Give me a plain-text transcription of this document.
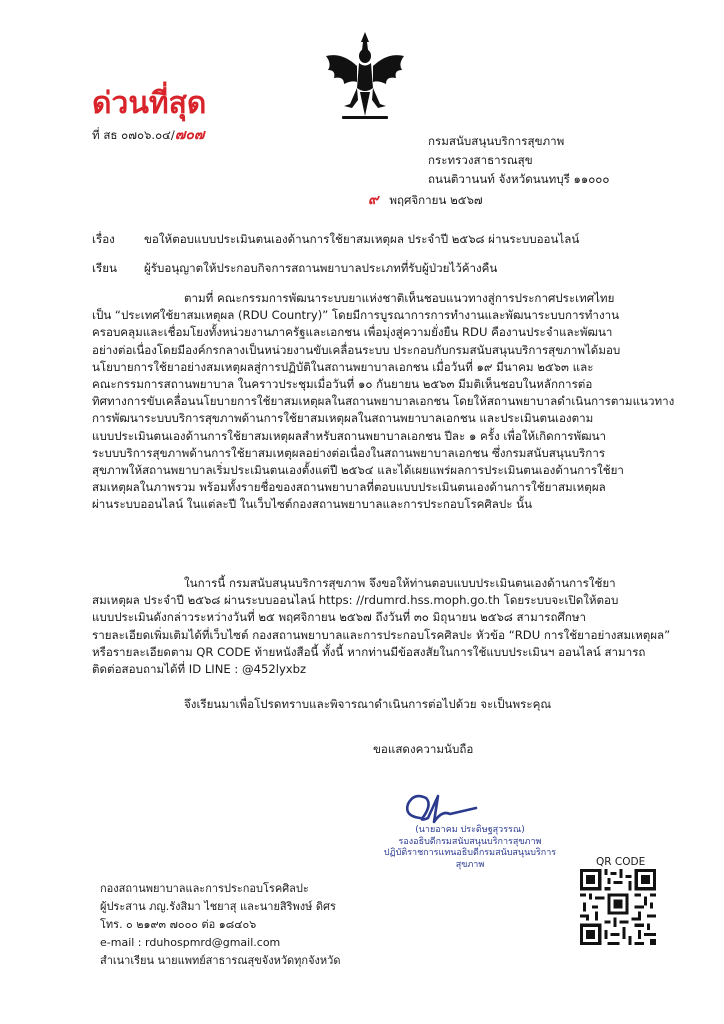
ด่วนที่สุด
ที่ สธ ๐๗๐๖.๐๔/๗๐๗	กรมสนับสนุนบริการสุขภาพ
กระทรวงสาธารณสุข
ถนนติวานนท์ จังหวัดนนทบุรี ๑๑๐๐๐
๙ พฤศจิกายน ๒๕๖๗
เรื่อง	ขอให้ตอบแบบประเมินตนเองด้านการใช้ยาสมเหตุผล ประจำปี ๒๕๖๘ ผ่านระบบออนไลน์
เรียน ผู้รับอนุญาตให้ประกอบกิจการสถานพยาบาลประเภทที่รับผู้ป่วยไว้ค้างคืน
ตามที่ คณะกรรมการพัฒนาระบบยาแห่งชาติเห็นชอบแนวทางสู่การประกาศประเทศไทย
เป็น “ประเทศใช้ยาสมเหตุผล (RDU Country)” โดยมีการบูรณาการการทำงานและพัฒนาระบบการทำงาน
ครอบคลุมและเชื่อมโยงทั้งหน่วยงานภาครัฐและเอกชน เพื่อมุ่งสู่ความยั่งยืน RDU คืองานประจำและพัฒนา
อย่างต่อเนื่องโดยมีองค์กรกลางเป็นหน่วยงานขับเคลื่อนระบบ ประกอบกับกรมสนับสนุนบริการสุขภาพได้มอบ
นโยบายการใช้ยาอย่างสมเหตุผลสู่การปฏิบัติในสถานพยาบาลเอกชน เมื่อวันที่ ๑๙ มีนาคม ๒๕๖๓ และ
คณะกรรมการสถานพยาบาล ในคราวประชุมเมื่อวันที่ ๑๐ กันยายน ๒๕๖๓ มีมติเห็นชอบในหลักการต่อ
ทิศทางการขับเคลื่อนนโยบายการใช้ยาสมเหตุผลในสถานพยาบาลเอกชน โดยให้สถานพยาบาลดำเนินการตามแนวทาง
การพัฒนาระบบบริการสุขภาพด้านการใช้ยาสมเหตุผลในสถานพยาบาลเอกชน และประเมินตนเองตาม
แบบประเมินตนเองด้านการใช้ยาสมเหตุผลสำหรับสถานพยาบาลเอกชน ปีละ ๑ ครั้ง เพื่อให้เกิดการพัฒนา
ระบบบริการสุขภาพด้านการใช้ยาสมเหตุผลอย่างต่อเนื่องในสถานพยาบาลเอกชน ซึ่งกรมสนับสนุนบริการ
สุขภาพให้สถานพยาบาลเริ่มประเมินตนเองตั้งแต่ปี ๒๕๖๔ และได้เผยแพร่ผลการประเมินตนเองด้านการใช้ยา
สมเหตุผลในภาพรวม พร้อมทั้งรายชื่อของสถานพยาบาลที่ตอบแบบประเมินตนเองด้านการใช้ยาสมเหตุผล
ผ่านระบบออนไลน์ ในแต่ละปี ในเว็บไซต์กองสถานพยาบาลและการประกอบโรคศิลปะ นั้น
ในการนี้ กรมสนับสนุนบริการสุขภาพ จึงขอให้ท่านตอบแบบประเมินตนเองด้านการใช้ยา
สมเหตุผล ประจำปี ๒๕๖๘ ผ่านระบบออนไลน์ https: //rdumrd.hss.moph.go.th โดยระบบจะเปิดให้ตอบ
แบบประเมินดังกล่าวระหว่างวันที่ ๒๕ พฤศจิกายน ๒๕๖๗ ถึงวันที่ ๓๐ มิถุนายน ๒๕๖๘ สามารถศึกษา
รายละเอียดเพิ่มเติมได้ที่เว็บไซต์ กองสถานพยาบาลและการประกอบโรคศิลปะ หัวข้อ “RDU การใช้ยาอย่างสมเหตุผล”
หรือรายละเอียดตาม QR CODE ท้ายหนังสือนี้ ทั้งนี้ หากท่านมีข้อสงสัยในการใช้แบบประเมินฯ ออนไลน์ สามารถ
ติดต่อสอบถามได้ที่ ID LINE : @452lyxbz
จึงเรียนมาเพื่อโปรดทราบและพิจารณาดำเนินการต่อไปด้วย จะเป็นพระคุณ
ขอแสดงความนับถือ
(นายอาคม ประดิษฐสุวรรณ)
รองอธิบดีกรมสนับสนุนบริการสุขภาพ
ปฏิบัติราชการแทนอธิบดีกรมสนับสนุนบริการสุขภาพ	QR CODE
กองสถานพยาบาลและการประกอบโรคศิลปะ
ผู้ประสาน ภญ.รังสิมา ไชยาสุ และนายสิริพงษ์ ดิศร
โทร. ๐ ๒๑๙๓ ๗๐๐๐ ต่อ ๑๘๔๐๖
e-mail : rduhospmrd@gmail.com
สำเนาเรียน นายแพทย์สาธารณสุขจังหวัดทุกจังหวัด
